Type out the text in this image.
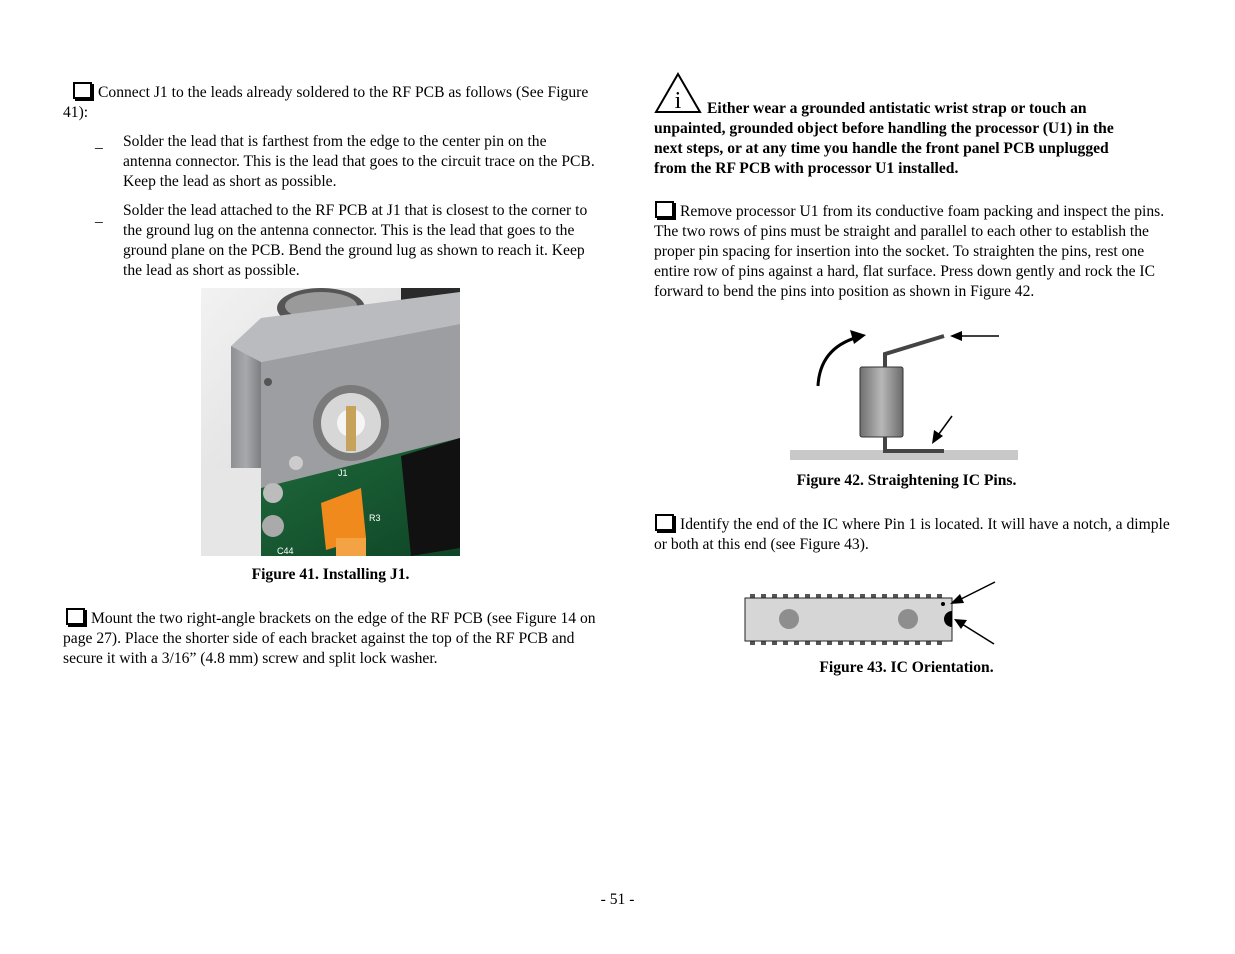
Connect J1 to the leads already soldered to the RF PCB as follows (See Figure 41):
_ Solder the lead that is farthest from the edge to the center pin on the antenna connector. This is the lead that goes to the circuit trace on the PCB. Keep the lead as short as possible.
_ Solder the lead attached to the RF PCB at J1 that is closest to the corner to the ground lug on the antenna connector. This is the lead that goes to the ground plane on the PCB. Bend the ground lug as shown to reach it. Keep the lead as short as possible.
J1
R3
C44
Figure 41. Installing J1.
Mount the two right-angle brackets on the edge of the RF PCB (see Figure 14 on page 27). Place the shorter side of each bracket against the top of the RF PCB and secure it with a 3/16” (4.8 mm) screw and split lock washer.
i	Either wear a grounded antistatic wrist strap or touch an unpainted, grounded object before handling the processor (U1) in the next steps, or at any time you handle the front panel PCB unplugged from the RF PCB with processor U1 installed.
Remove processor U1 from its conductive foam packing and inspect the pins. The two rows of pins must be straight and parallel to each other to establish the proper pin spacing for insertion into the socket. To straighten the pins, rest one entire row of pins against a hard, flat surface. Press down gently and rock the IC forward to bend the pins into position as shown in Figure 42.
Figure 42. Straightening IC Pins.
Identify the end of the IC where Pin 1 is located. It will have a notch, a dimple or both at this end (see Figure 43).
Figure 43. IC Orientation.
- 51 -
